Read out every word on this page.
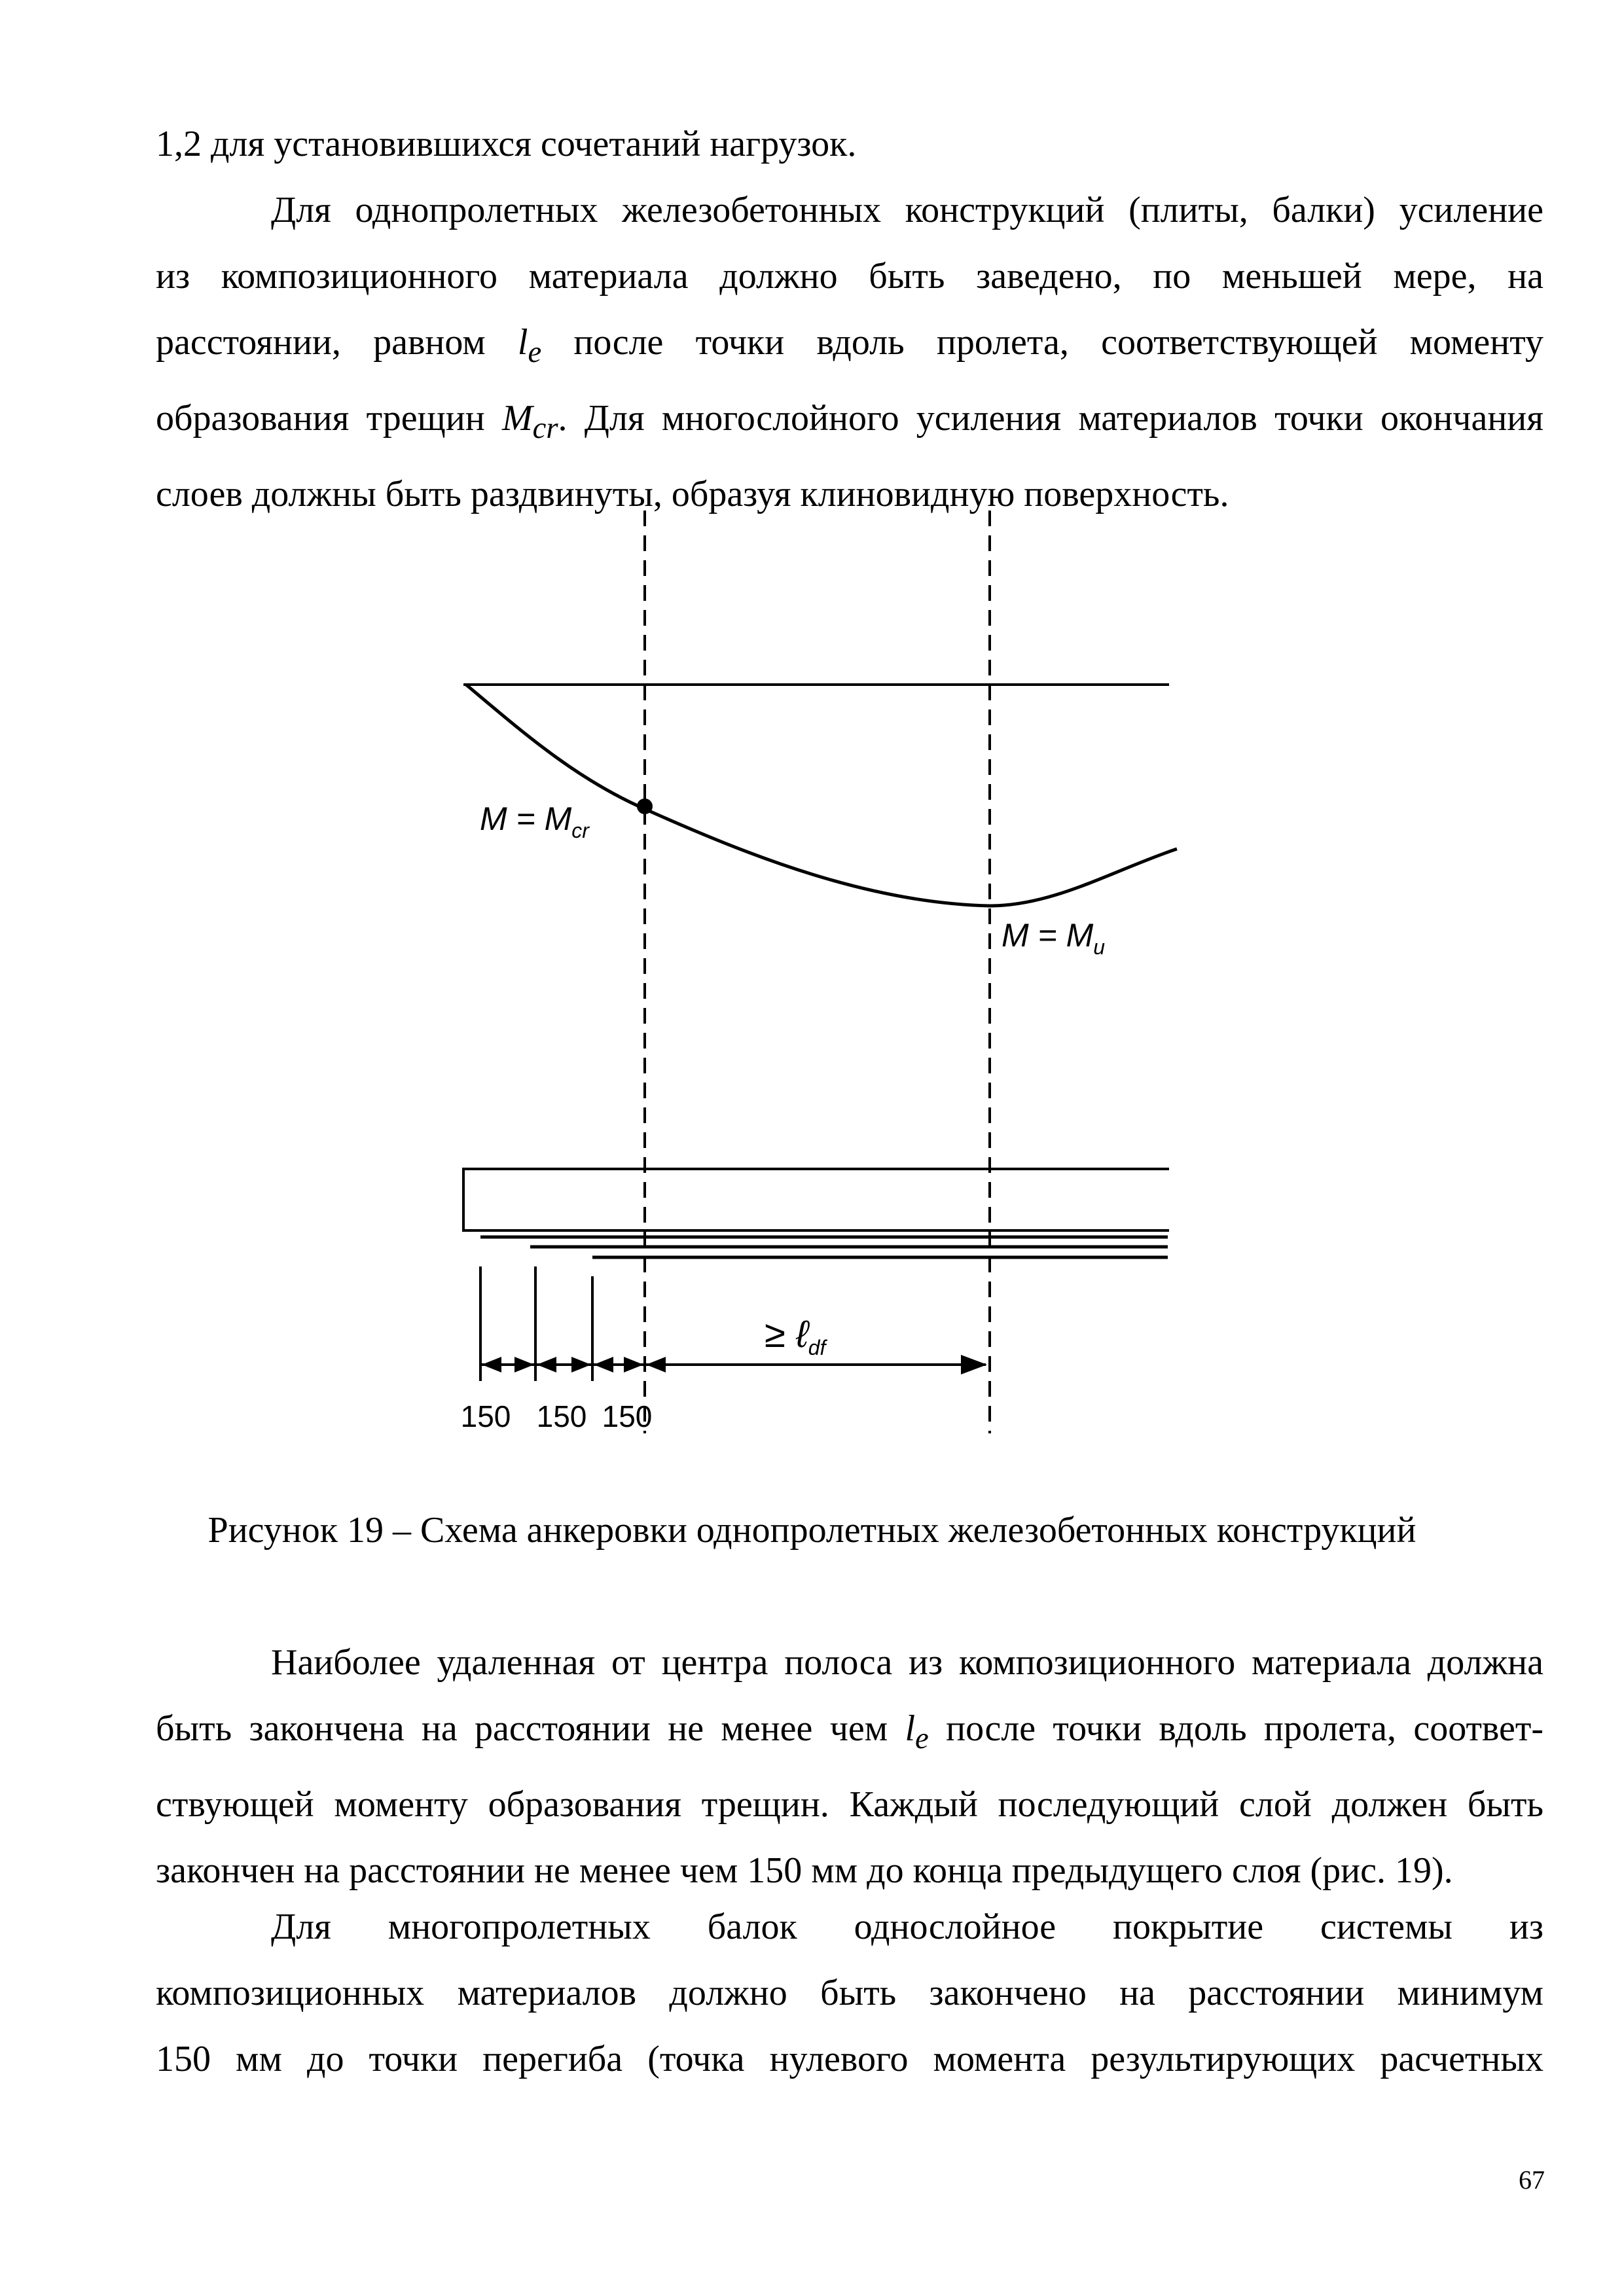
1,2 для установившихся сочетаний нагрузок.

Для однопролетных железобетонных конструкций (плиты, балки) усиление
из композиционного материала должно быть заведено, по меньшей мере, на
расстоянии, равном $l_e$ после точки вдоль пролета, соответствующей моменту
образования трещин $M_{cr}$. Для многослойного усиления материалов точки окончания
слоев должны быть раздвинуты, образуя клиновидную поверхность.
$M = M_{cr}$
$M = M_u$
≥ ℓ$_{df}$
150 150 150
Рисунок 19 – Схема анкеровки однопролетных железобетонных конструкций
Наиболее удаленная от центра полоса из композиционного материала должна
быть закончена на расстоянии не менее чем $l_e$ после точки вдоль пролета, соответ-
ствующей моменту образования трещин. Каждый последующий слой должен быть
закончен на расстоянии не менее чем 150 мм до конца предыдущего слоя (рис. 19).
Для многопролетных балок однослойное покрытие системы из
композиционных материалов должно быть закончено на расстоянии минимум
150 мм до точки перегиба (точка нулевого момента результирующих расчетных
67
